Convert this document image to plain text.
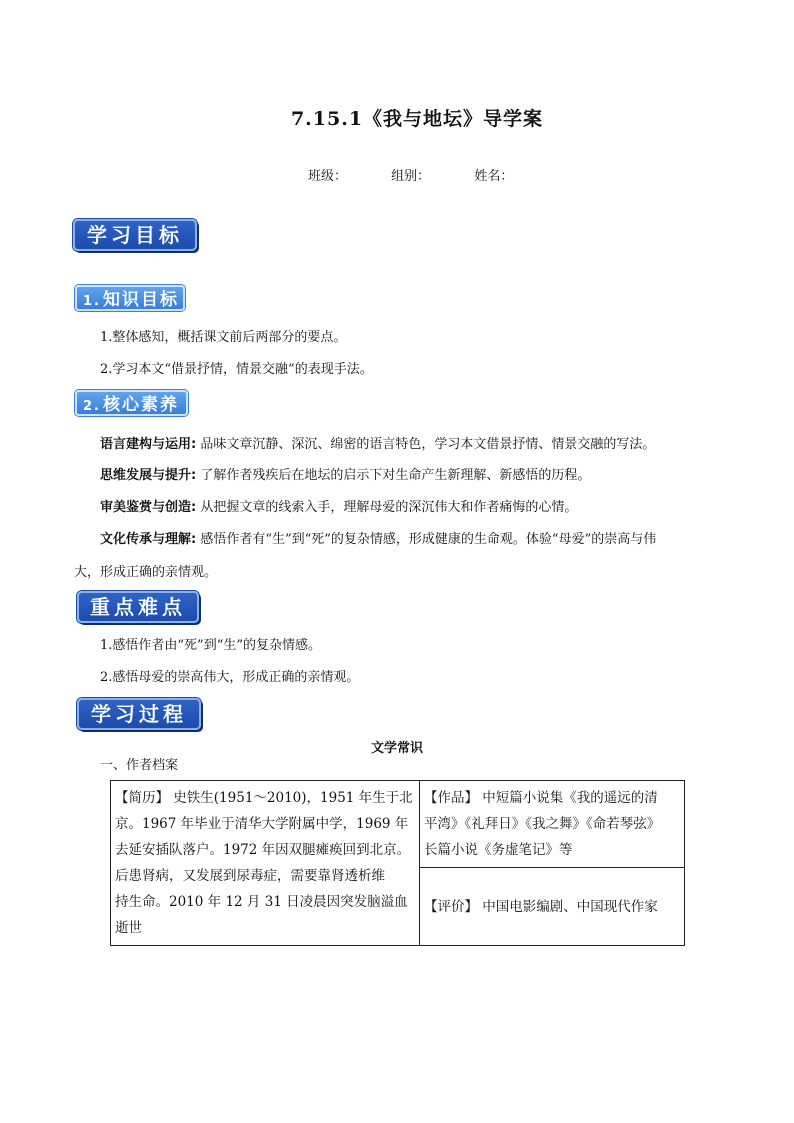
7.15.1《我与地坛》导学案
班级：	组别：	姓名：
学习目标
1. 知识目标
1.整体感知，概括课文前后两部分的要点。
2.学习本文“借景抒情，情景交融”的表现手法。
2. 核心素养
语言建构与运用: 品味文章沉静、深沉、绵密的语言特色，学习本文借景抒情、情景交融的写法。
思维发展与提升: 了解作者残疾后在地坛的启示下对生命产生新理解、新感悟的历程。
审美鉴赏与创造: 从把握文章的线索入手，理解母爱的深沉伟大和作者痛悔的心情。
文化传承与理解: 感悟作者有“生”到“死”的复杂情感，形成健康的生命观。体验“母爱”的崇高与伟
大，形成正确的亲情观。
重点难点
1.感悟作者由“死”到“生”的复杂情感。
2.感悟母爱的崇高伟大，形成正确的亲情观。
学习过程
文学常识
一、作者档案
【简历】 史铁生(1951～2010)，1951 年生于北
京。1967 年毕业于清华大学附属中学，1969 年
去延安插队落户。1972 年因双腿瘫痪回到北京。
后患肾病，又发展到尿毒症，需要靠肾透析维
持生命。2010 年 12 月 31 日凌晨因突发脑溢血
逝世

【作品】 中短篇小说集《我的遥远的清
平湾》《礼拜日》《我之舞》《命若琴弦》
长篇小说《务虚笔记》等

【评价】 中国电影编剧、中国现代作家
